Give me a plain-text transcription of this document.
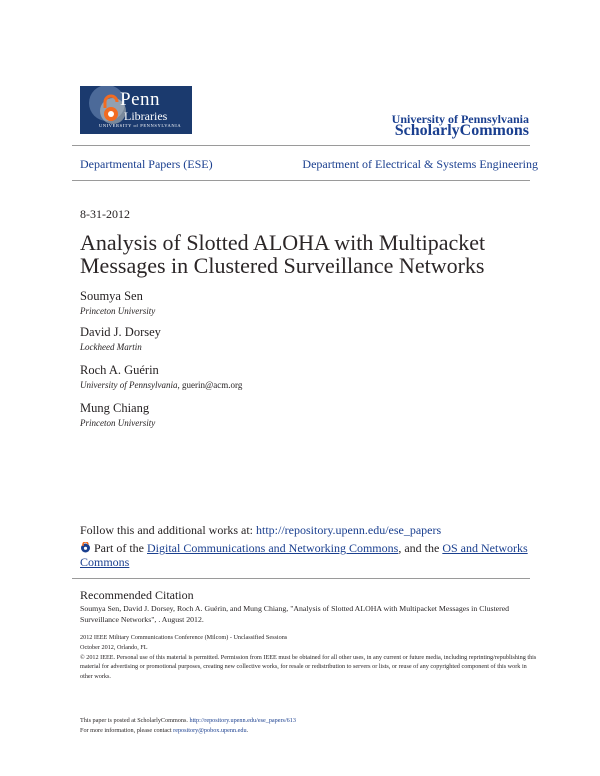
Penn
Libraries
UNIVERSITY of PENNSYLVANIA	University of Pennsylvania
ScholarlyCommons
Departmental Papers (ESE)	Department of Electrical & Systems Engineering
8-31-2012
Analysis of Slotted ALOHA with Multipacket Messages in Clustered Surveillance Networks
Soumya Sen
Princeton University
David J. Dorsey
Lockheed Martin
Roch A. Guérin
University of Pennsylvania, guerin@acm.org
Mung Chiang
Princeton University
Follow this and additional works at: http://repository.upenn.edu/ese_papers
Part of the Digital Communications and Networking Commons, and the OS and Networks Commons
Recommended Citation
Soumya Sen, David J. Dorsey, Roch A. Guérin, and Mung Chiang, "Analysis of Slotted ALOHA with Multipacket Messages in Clustered Surveillance Networks", . August 2012.
2012 IEEE Military Communications Conference (Milcom) - Unclassified Sessions
October 2012, Orlando, FL
© 2012 IEEE. Personal use of this material is permitted. Permission from IEEE must be obtained for all other uses, in any current or future media, including reprinting/republishing this material for advertising or promotional purposes, creating new collective works, for resale or redistribution to servers or lists, or reuse of any copyrighted component of this work in other works.
This paper is posted at ScholarlyCommons. http://repository.upenn.edu/ese_papers/613
For more information, please contact repository@pobox.upenn.edu.
